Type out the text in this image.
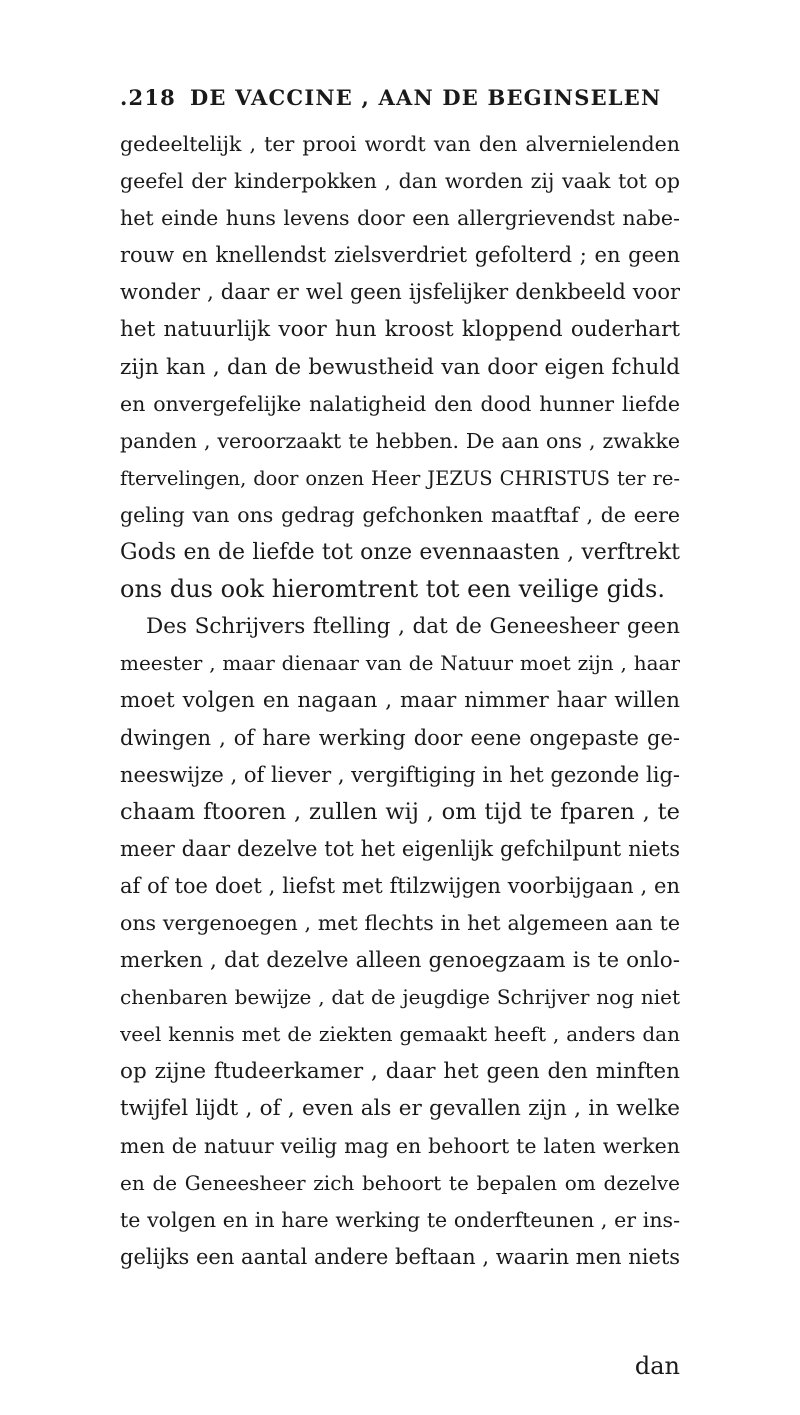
.218 DE VACCINE , AAN DE BEGINSELEN
gedeeltelijk , ter prooi wordt van den alvernielenden
geefel der kinderpokken , dan worden zij vaak tot op
het einde huns levens door een allergrievendst nabe-
rouw en knellendst zielsverdriet gefolterd ; en geen
wonder , daar er wel geen ijsfelijker denkbeeld voor
het natuurlijk voor hun kroost kloppend ouderhart
zijn kan , dan de bewustheid van door eigen fchuld
en onvergefelijke nalatigheid den dood hunner liefde
panden , veroorzaakt te hebben. De aan ons , zwakke
ftervelingen, door onzen Heer JEZUS CHRISTUS ter re-
geling van ons gedrag gefchonken maatftaf , de eere
Gods en de liefde tot onze evennaasten , verftrekt
ons dus ook hieromtrent tot een veilige gids.
Des Schrijvers ftelling , dat de Geneesheer geen
meester , maar dienaar van de Natuur moet zijn , haar
moet volgen en nagaan , maar nimmer haar willen
dwingen , of hare werking door eene ongepaste ge-
neeswijze , of liever , vergiftiging in het gezonde lig-
chaam ftooren , zullen wij , om tijd te fparen , te
meer daar dezelve tot het eigenlijk gefchilpunt niets
af of toe doet , liefst met ftilzwijgen voorbijgaan , en
ons vergenoegen , met flechts in het algemeen aan te
merken , dat dezelve alleen genoegzaam is te onlo-
chenbaren bewijze , dat de jeugdige Schrijver nog niet
veel kennis met de ziekten gemaakt heeft , anders dan
op zijne ftudeerkamer , daar het geen den minften
twijfel lijdt , of , even als er gevallen zijn , in welke
men de natuur veilig mag en behoort te laten werken
en de Geneesheer zich behoort te bepalen om dezelve
te volgen en in hare werking te onderfteunen , er ins-
gelijks een aantal andere beftaan , waarin men niets
dan
